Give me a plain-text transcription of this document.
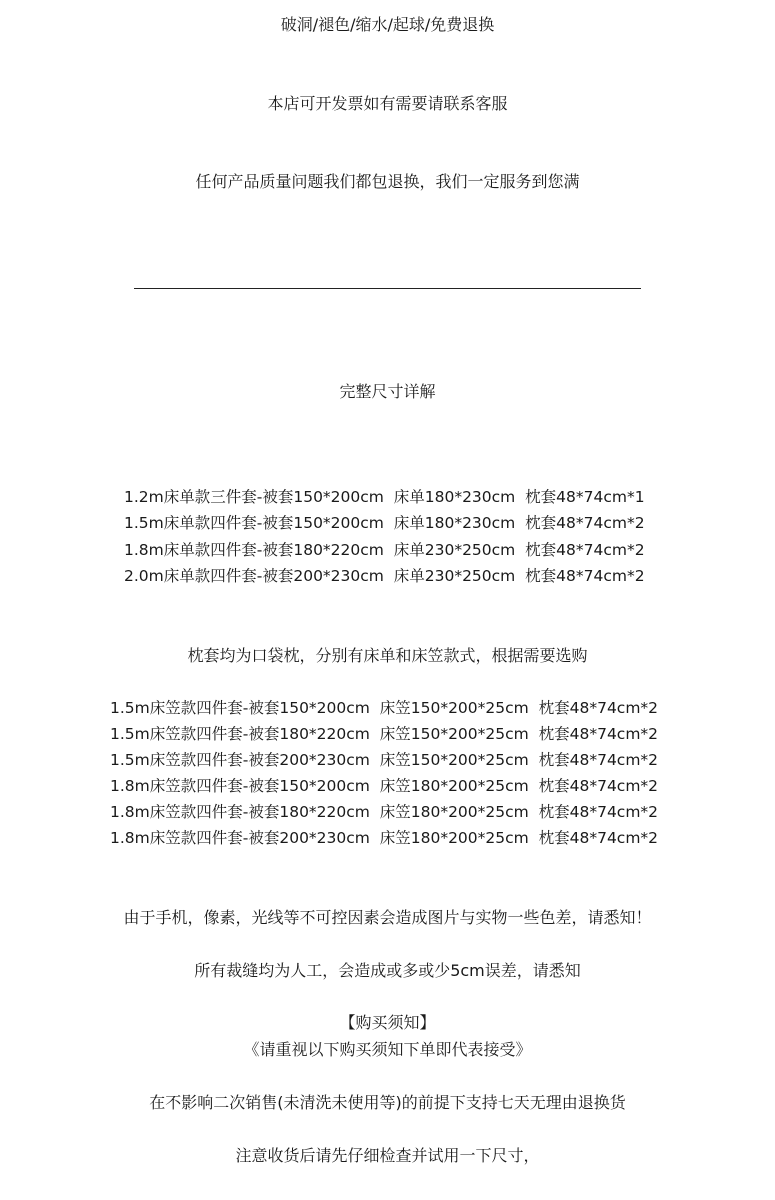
破洞/褪色/缩水/起球/免费退换
本店可开发票如有需要请联系客服
任何产品质量问题我们都包退换，我们一定服务到您满
完整尺寸详解
1.2m床单款三件套-被套150*200cm  床单180*230cm  枕套48*74cm*1
1.5m床单款四件套-被套150*200cm  床单180*230cm  枕套48*74cm*2
1.8m床单款四件套-被套180*220cm  床单230*250cm  枕套48*74cm*2
2.0m床单款四件套-被套200*230cm  床单230*250cm  枕套48*74cm*2
枕套均为口袋枕，分别有床单和床笠款式，根据需要选购
1.5m床笠款四件套-被套150*200cm  床笠150*200*25cm  枕套48*74cm*2
1.5m床笠款四件套-被套180*220cm  床笠150*200*25cm  枕套48*74cm*2
1.5m床笠款四件套-被套200*230cm  床笠150*200*25cm  枕套48*74cm*2
1.8m床笠款四件套-被套150*200cm  床笠180*200*25cm  枕套48*74cm*2
1.8m床笠款四件套-被套180*220cm  床笠180*200*25cm  枕套48*74cm*2
1.8m床笠款四件套-被套200*230cm  床笠180*200*25cm  枕套48*74cm*2
由于手机，像素，光线等不可控因素会造成图片与实物一些色差，请悉知！
所有裁缝均为人工，会造成或多或少5cm误差，请悉知
【购买须知】
《请重视以下购买须知下单即代表接受》
在不影响二次销售(未清洗未使用等)的前提下支持七天无理由退换货
注意收货后请先仔细检查并试用一下尺寸，
